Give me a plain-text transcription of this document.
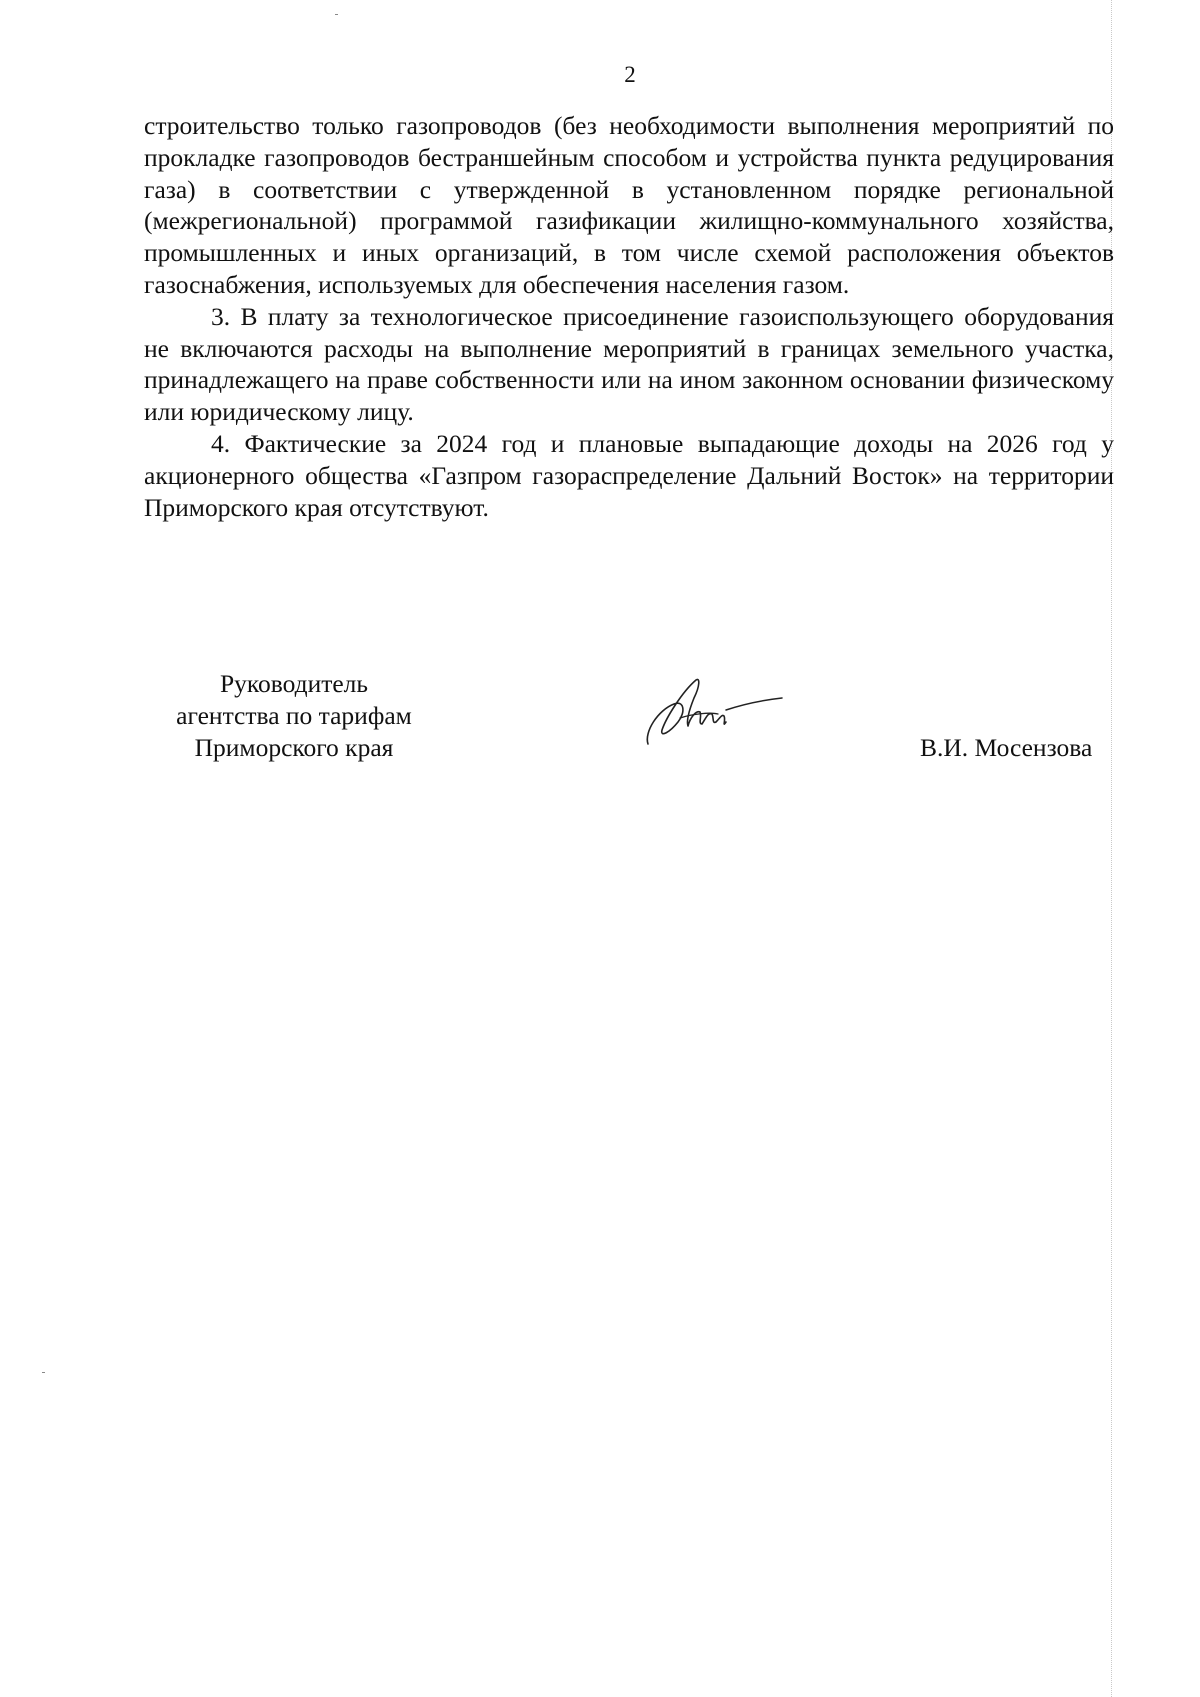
2

строительство только газопроводов (без необходимости выполнения мероприятий по прокладке газопроводов бестраншейным способом и устройства пункта редуцирования газа) в соответствии с утвержденной в установленном порядке региональной (межрегиональной) программой газификации жилищно-коммунального хозяйства, промышленных и иных организаций, в том числе схемой расположения объектов газоснабжения, используемых для обеспечения населения газом.

3. В плату за технологическое присоединение газоиспользующего оборудования не включаются расходы на выполнение мероприятий в границах земельного участка, принадлежащего на праве собственности или на ином законном основании физическому или юридическому лицу.

4. Фактические за 2024 год и плановые выпадающие доходы на 2026 год у акционерного общества «Газпром газораспределение Дальний Восток» на территории Приморского края отсутствуют.

Руководитель
агентства по тарифам
Приморского края	В.И. Мосензова
